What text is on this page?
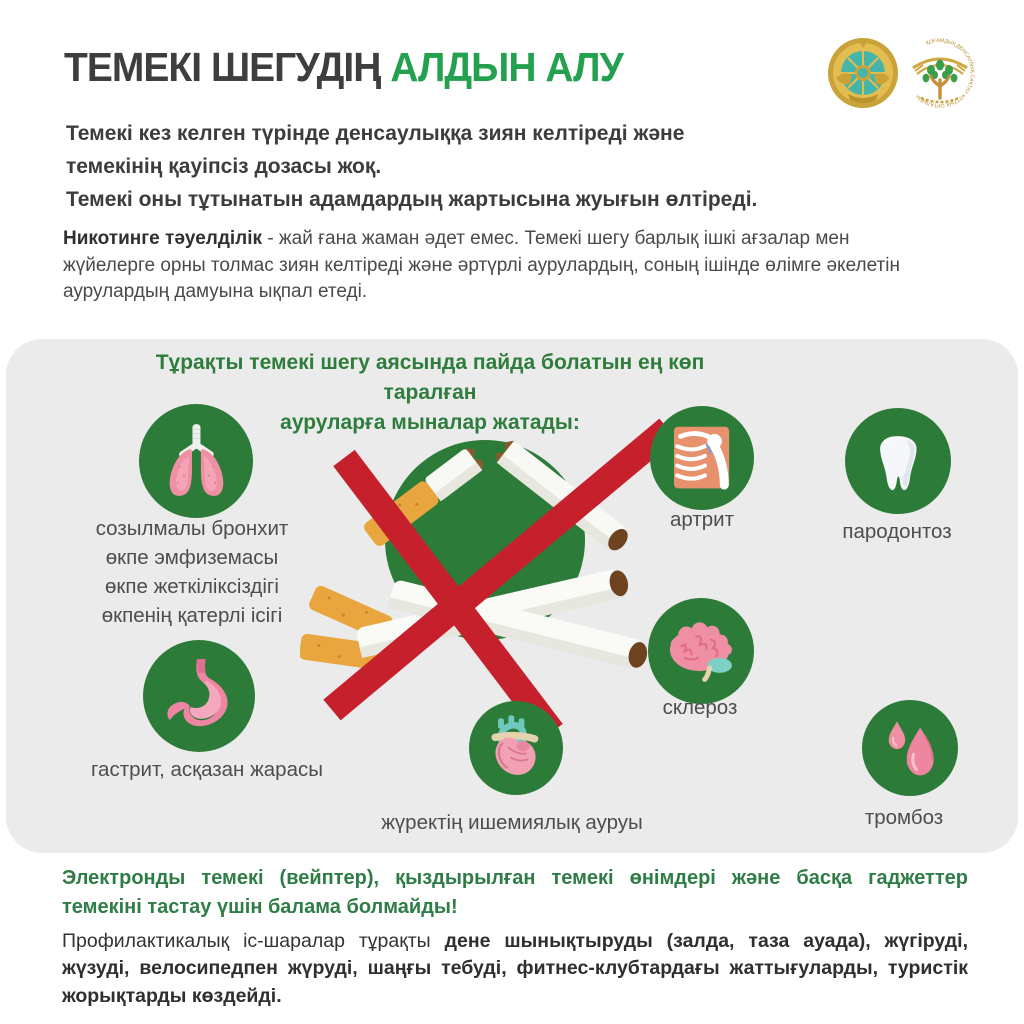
ТЕМЕКІ ШЕГУДІҢ АЛДЫН АЛУ
ҚОҒАМДЫҚ ДЕНСАУЛЫҚ САҚТАУ ҰЛТТЫҚ ОРТАЛЫҒЫ
Темекі кез келген түрінде денсаулыққа зиян келтіреді және
темекінің қауіпсіз дозасы жоқ.
Темекі оны тұтынатын адамдардың жартысына жуығын өлтіреді.
Никотинге тәуелділік - жай ғана жаман әдет емес. Темекі шегу барлық ішкі ағзалар мен жүйелерге орны толмас зиян келтіреді және әртүрлі аурулардың, соның ішінде өлімге әкелетін аурулардың дамуына ықпал етеді.
Тұрақты темекі шегу аясында пайда болатын ең көп таралған
ауруларға мыналар жатады:
созылмалы бронхит
өкпе эмфиземасы
өкпе жеткіліксіздігі
өкпенің қатерлі ісігі
гастрит, асқазан жарасы
артрит
пародонтоз
склероз
жүректің ишемиялық ауруы	тромбоз
Электронды темекі (вейптер), қыздырылған темекі өнімдері және басқа гаджеттер темекіні тастау үшін балама болмайды!
Профилактикалық іс-шаралар тұрақты дене шынықтыруды (залда, таза ауада), жүгіруді, жүзуді, велосипедпен жүруді, шаңғы тебуді, фитнес-клубтардағы жаттығуларды, туристік жорықтарды көздейді.
